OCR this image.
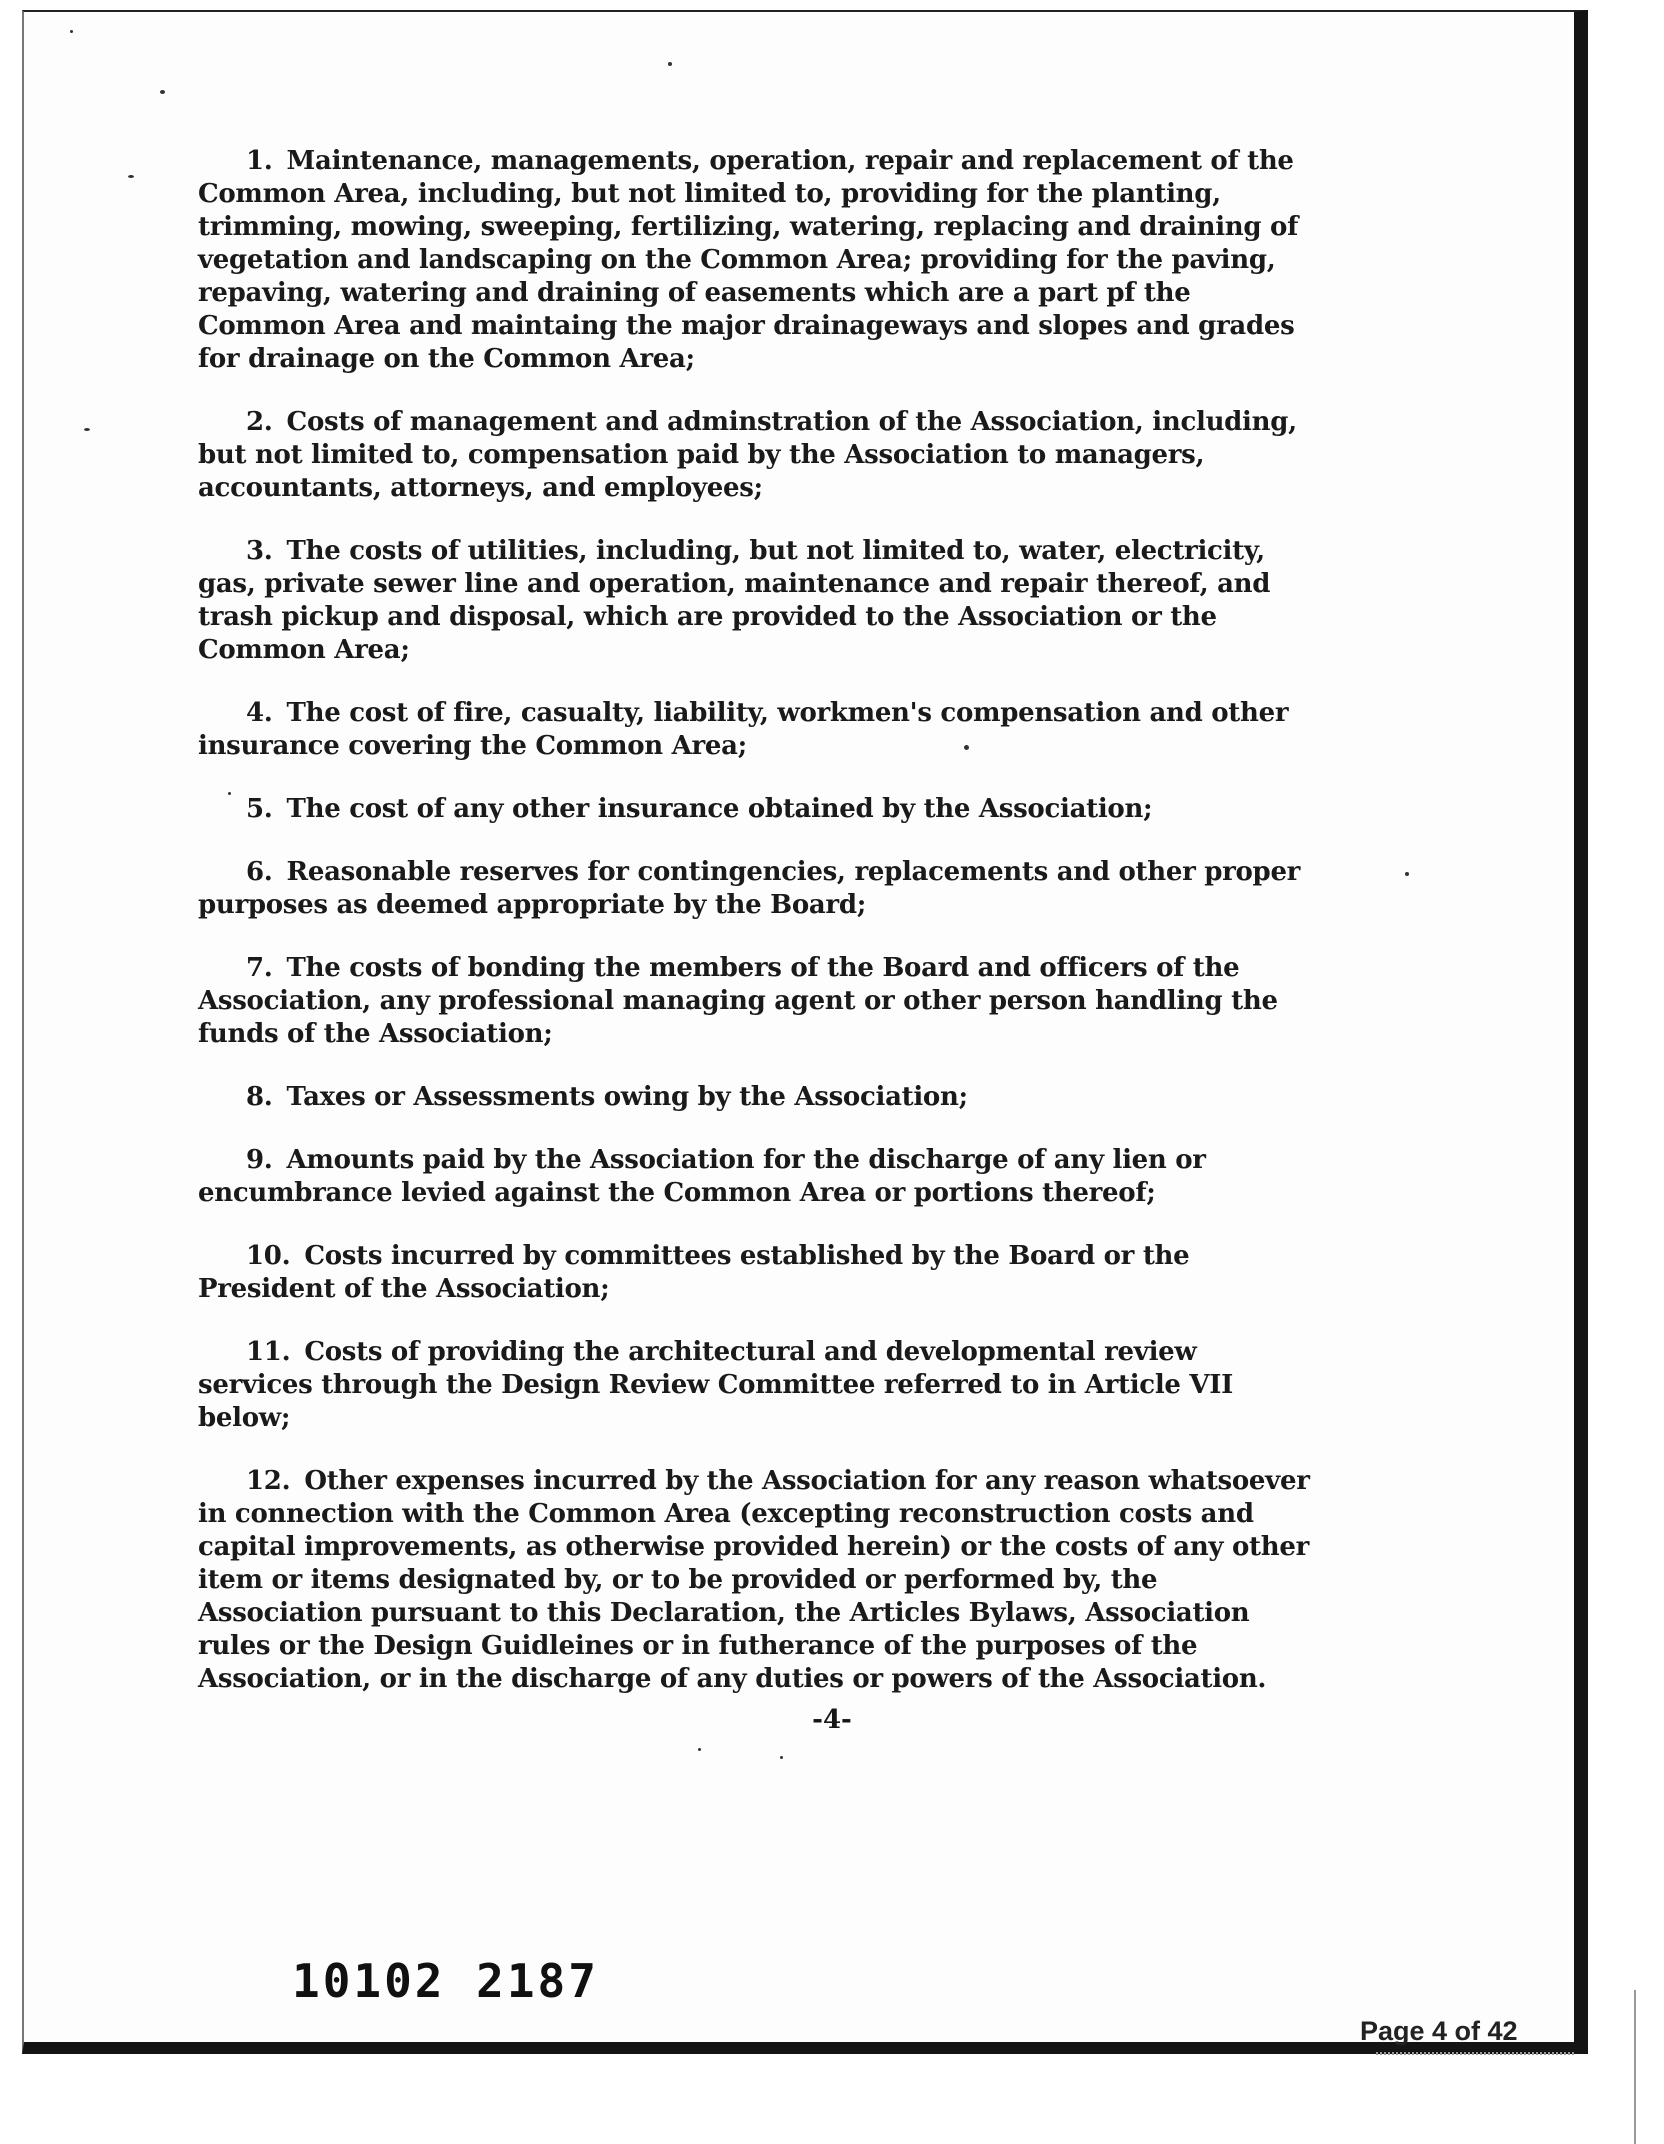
1. Maintenance, managements, operation, repair and replacement of the Common Area, including, but not limited to, providing for the planting, trimming, mowing, sweeping, fertilizing, watering, replacing and draining of vegetation and landscaping on the Common Area; providing for the paving, repaving, watering and draining of easements which are a part pf the Common Area and maintaing the major drainageways and slopes and grades for drainage on the Common Area;

2. Costs of management and adminstration of the Association, including, but not limited to, compensation paid by the Association to managers, accountants, attorneys, and employees;

3. The costs of utilities, including, but not limited to, water, electricity, gas, private sewer line and operation, maintenance and repair thereof, and trash pickup and disposal, which are provided to the Association or the Common Area;

4. The cost of fire, casualty, liability, workmen's compensation and other insurance covering the Common Area;

5. The cost of any other insurance obtained by the Association;

6. Reasonable reserves for contingencies, replacements and other proper purposes as deemed appropriate by the Board;

7. The costs of bonding the members of the Board and officers of the Association, any professional managing agent or other person handling the funds of the Association;

8. Taxes or Assessments owing by the Association;

9. Amounts paid by the Association for the discharge of any lien or encumbrance levied against the Common Area or portions thereof;

10. Costs incurred by committees established by the Board or the President of the Association;

11. Costs of providing the architectural and developmental review services through the Design Review Committee referred to in Article VII below;

12. Other expenses incurred by the Association for any reason whatsoever in connection with the Common Area (excepting reconstruction costs and capital improvements, as otherwise provided herein) or the costs of any other item or items designated by, or to be provided or performed by, the Association pursuant to this Declaration, the Articles Bylaws, Association rules or the Design Guidleines or in futherance of the purposes of the Association, or in the discharge of any duties or powers of the Association.

-4-
10102 2187
Page 4 of 42
